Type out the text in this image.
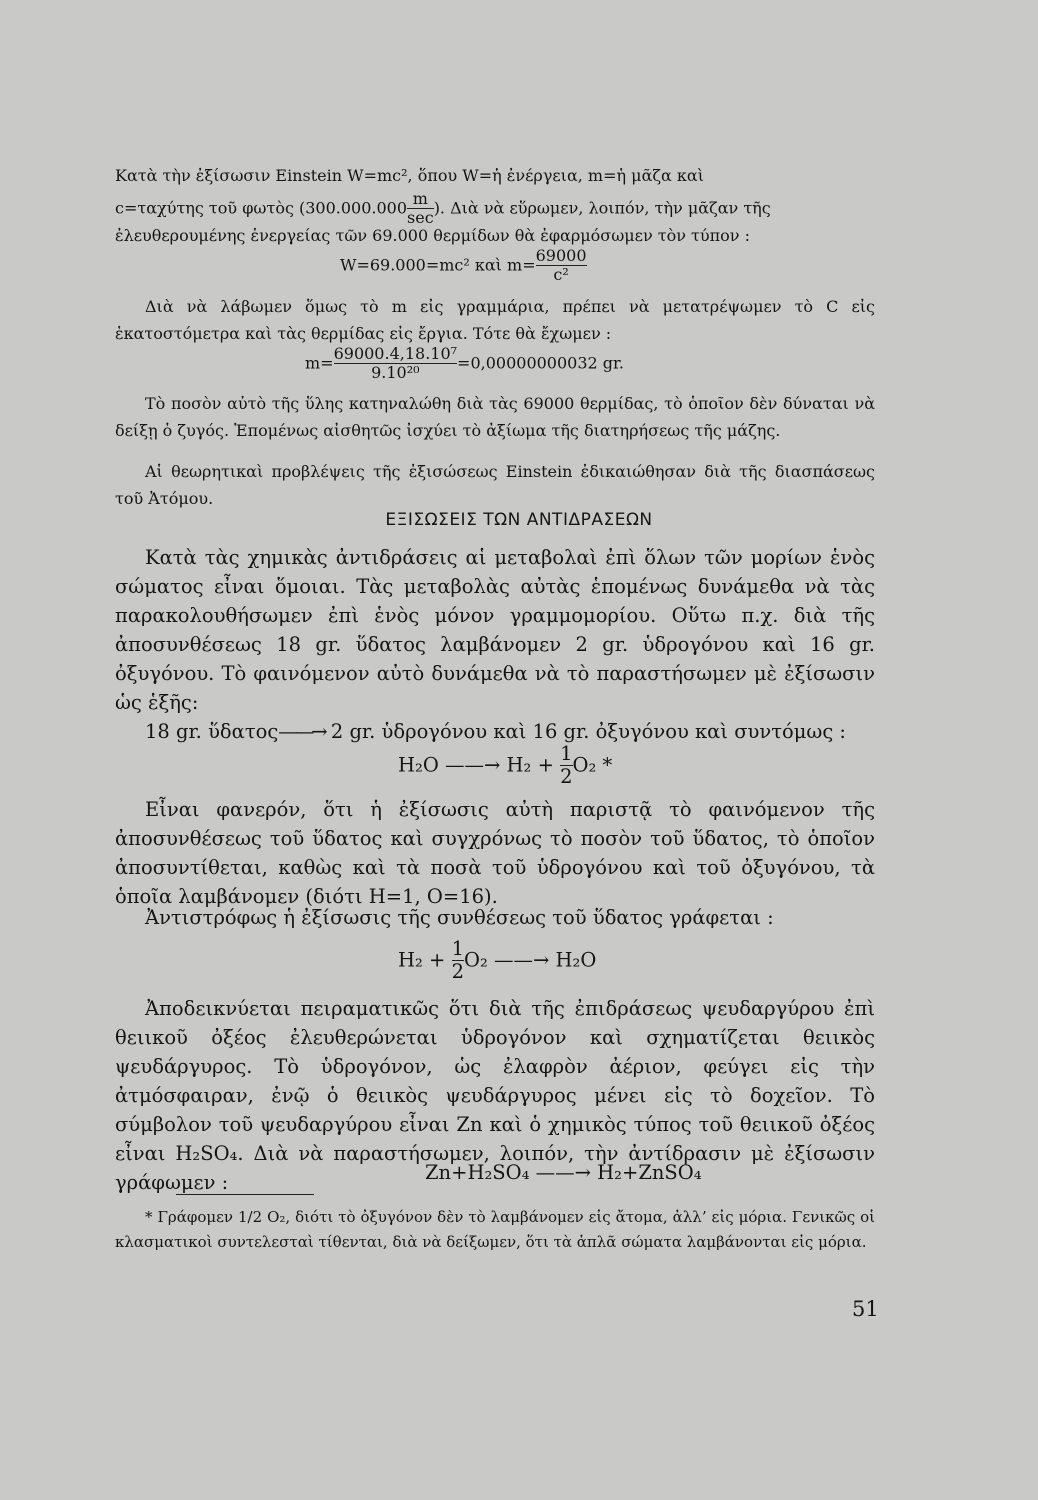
Κατὰ τὴν ἐξίσωσιν Einstein W=mc², ὅπου W=ἡ ἐνέργεια, m=ἡ μᾶζα καὶ

c=ταχύτης τοῦ φωτὸς ($300.000.000 \frac{m}{\sec}$ ). Διὰ νὰ εὕρωμεν, λοιπόν, τὴν μᾶζαν τῆς

ἐλευθερουμένης ἐνεργείας τῶν 69.000 θερμίδων θὰ ἐφαρμόσωμεν τὸν τύπον :

W=69.000=mc² καὶ $m= \frac{69000}{\text{c²}}$

Διὰ νὰ λάβωμεν ὅμως τὸ m εἰς γραμμάρια, πρέπει νὰ μετατρέψωμεν τὸ C εἰς ἑκατοστόμετρα καὶ τὰς θερμίδας εἰς ἔργια. Τότε θὰ ἔχωμεν :

$m= \frac{\text{69000.4,18.10⁷}}{\text{9.10²⁰}} =0,00000000032$ gr.

Τὸ ποσὸν αὐτὸ τῆς ὕλης κατηναλώθη διὰ τὰς 69000 θερμίδας, τὸ ὁποῖον δὲν δύναται νὰ δείξῃ ὁ ζυγός. Ἑπομένως αἰσθητῶς ἰσχύει τὸ ἀξίωμα τῆς διατηρήσεως τῆς μάζης.

Αἱ θεωρητικαὶ προβλέψεις τῆς ἐξισώσεως Einstein ἐδικαιώθησαν διὰ τῆς διασπάσεως τοῦ Ἀτόμου.

ΕΞΙΣΩΣΕΙΣ ΤΩΝ ΑΝΤΙΔΡΑΣΕΩΝ

Κατὰ τὰς χημικὰς ἀντιδράσεις αἱ μεταβολαὶ ἐπὶ ὅλων τῶν μορίων ἑνὸς σώματος εἶναι ὅμοιαι. Τὰς μεταβολὰς αὐτὰς ἑπομένως δυνάμεθα νὰ τὰς παρακολουθήσωμεν ἐπὶ ἑνὸς μόνον γραμμομορίου. Οὕτω π.χ. διὰ τῆς ἀποσυνθέσεως 18 gr. ὕδατος λαμβάνομεν 2 gr. ὑδρογόνου καὶ 16 gr. ὀξυγόνου. Τὸ φαινόμενον αὐτὸ δυνάμεθα νὰ τὸ παραστήσωμεν μὲ ἐξίσωσιν ὡς ἑξῆς:

18 gr. ὕδατος——→ 2 gr. ὑδρογόνου καὶ 16 gr. ὀξυγόνου καὶ συντόμως :

H₂O ——→ $H_2 + \frac{1}{2} O_2$ *

Εἶναι φανερόν, ὅτι ἡ ἐξίσωσις αὐτὴ παριστᾷ τὸ φαινόμενον τῆς ἀποσυνθέσεως τοῦ ὕδατος καὶ συγχρόνως τὸ ποσὸν τοῦ ὕδατος, τὸ ὁποῖον ἀποσυντίθεται, καθὼς καὶ τὰ ποσὰ τοῦ ὑδρογόνου καὶ τοῦ ὀξυγόνου, τὰ ὁποῖα λαμβάνομεν (διότι H=1, O=16).

Ἀντιστρόφως ἡ ἐξίσωσις τῆς συνθέσεως τοῦ ὕδατος γράφεται :

$H_2 + \frac{1}{2} O_2$ ——→ H₂O

Ἀποδεικνύεται πειραματικῶς ὅτι διὰ τῆς ἐπιδράσεως ψευδαργύρου ἐπὶ θειικοῦ ὀξέος ἐλευθερώνεται ὑδρογόνον καὶ σχηματίζεται θειικὸς ψευδάργυρος. Τὸ ὑδρογόνον, ὡς ἐλαφρὸν ἀέριον, φεύγει εἰς τὴν ἀτμόσφαιραν, ἐνῷ ὁ θειικὸς ψευδάργυρος μένει εἰς τὸ δοχεῖον. Τὸ σύμβολον τοῦ ψευδαργύρου εἶναι Zn καὶ ὁ χημικὸς τύπος τοῦ θειικοῦ ὀξέος εἶναι H₂SO₄. Διὰ νὰ παραστήσωμεν, λοιπόν, τὴν ἀντίδρασιν μὲ ἐξίσωσιν γράφωμεν :	Zn+H₂SO₄ ——→ H₂+ZnSO₄

* Γράφομεν 1/2 O₂, διότι τὸ ὀξυγόνον δὲν τὸ λαμβάνομεν εἰς ἄτομα, ἀλλ’ εἰς μόρια. Γενικῶς οἱ κλασματικοὶ συντελεσταὶ τίθενται, διὰ νὰ δείξωμεν, ὅτι τὰ ἁπλᾶ σώματα λαμβάνονται εἰς μόρια.

51
